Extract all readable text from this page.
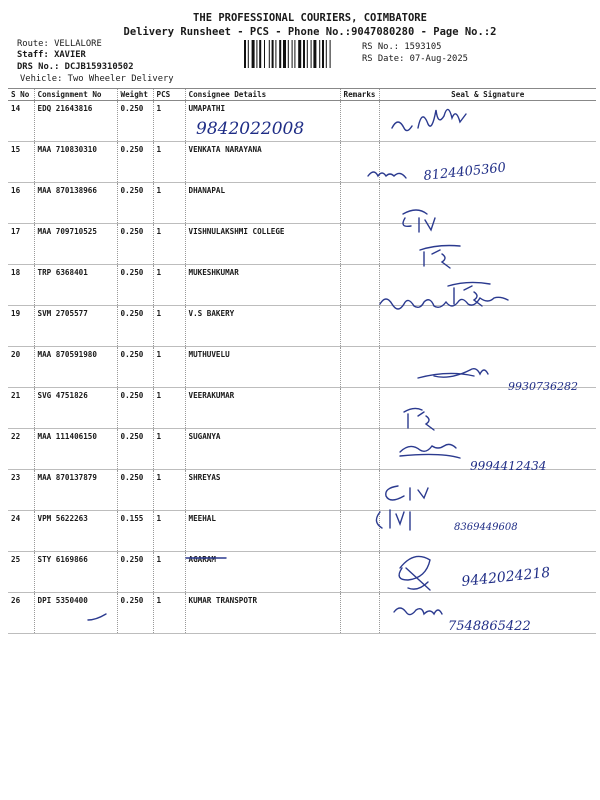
THE PROFESSIONAL COURIERS, COIMBATORE
Delivery Runsheet - PCS - Phone No.:9047080280 - Page No.:2
Route: VELLALORE
Staff: XAVIER
DRS No.: DCJB159310502
Vehicle: Two Wheeler Delivery
RS No.: 1593105
RS Date: 07-Aug-2025
S No	Consignment No	Weight	PCS	Consignee Details	Remarks	Seal & Signature
14	EDQ 21643816	0.250	1	UMAPATHI		
15	MAA 710830310	0.250	1	VENKATA NARAYANA		
16	MAA 870138966	0.250	1	DHANAPAL		
17	MAA 709710525	0.250	1	VISHNULAKSHMI COLLEGE		
18	TRP 6368401	0.250	1	MUKESHKUMAR		
19	SVM 2705577	0.250	1	V.S BAKERY		
20	MAA 870591980	0.250	1	MUTHUVELU		
21	SVG 4751826	0.250	1	VEERAKUMAR		
22	MAA 111406150	0.250	1	SUGANYA		
23	MAA 870137879	0.250	1	SHREYAS		
24	VPM 5622263	0.155	1	MEEHAL		
25	STY 6169866	0.250	1	AGARAM		
26	DPI 5350400	0.250	1	KUMAR TRANSPOTR		
9842022008
8124405360
9930736282
9994412434
8369449608
9442024218
7548865422
